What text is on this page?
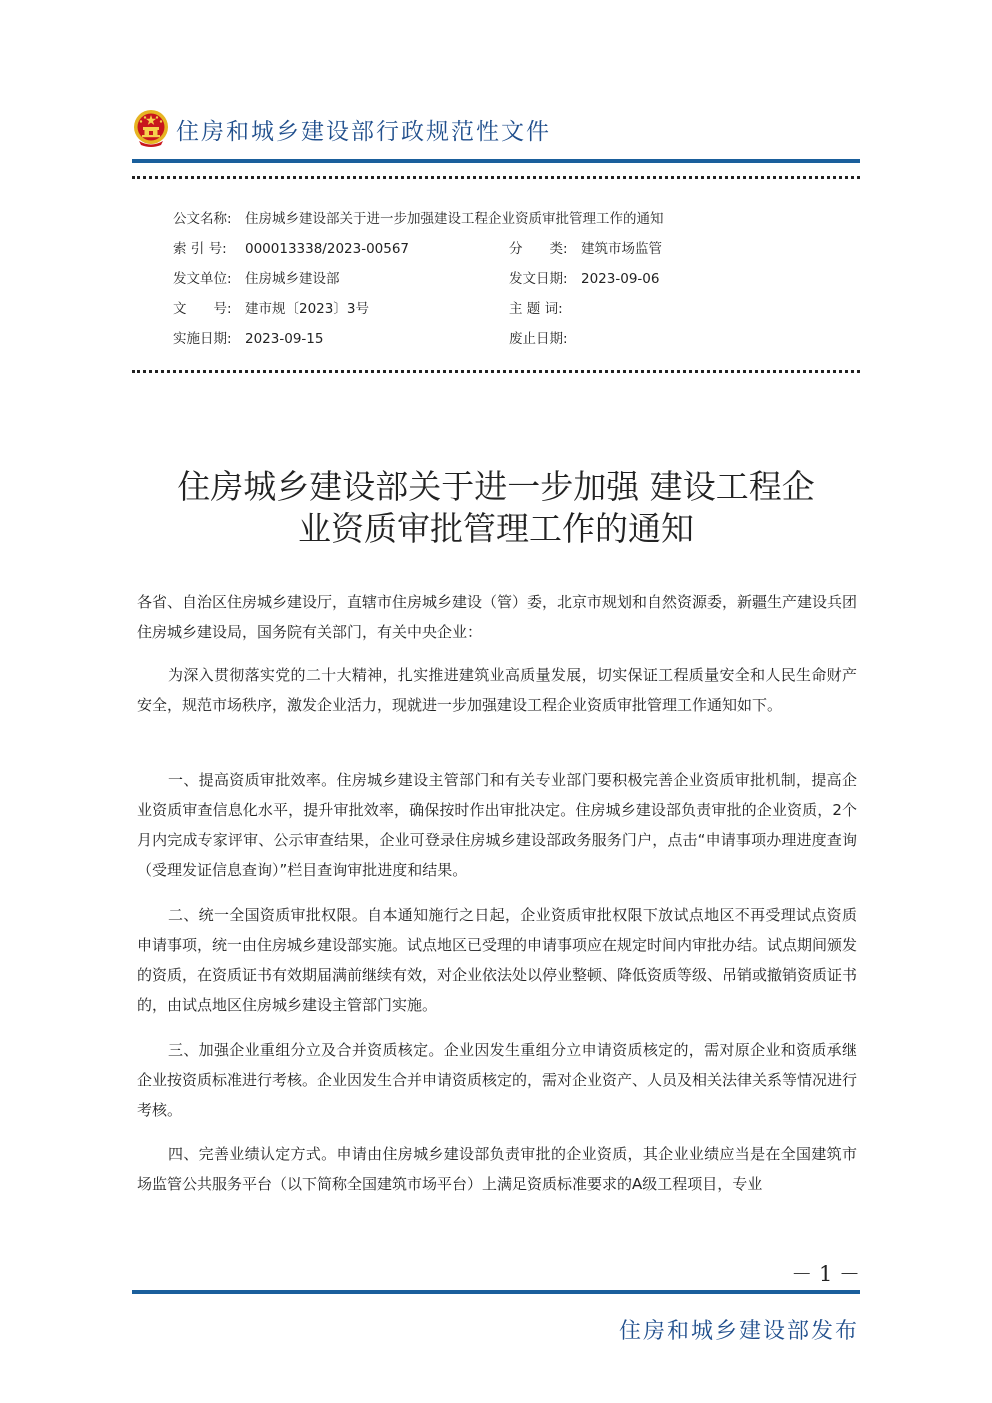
住房和城乡建设部行政规范性文件
公文名称: 住房城乡建设部关于进一步加强建设工程企业资质审批管理工作的通知
索 引 号: 000013338/2023-00567	分　　类: 建筑市场监管
发文单位: 住房城乡建设部	发文日期: 2023-09-06
文　　号: 建市规〔2023〕3号	主 题 词:
实施日期: 2023-09-15	废止日期:
住房城乡建设部关于进一步加强 建设工程企
业资质审批管理工作的通知
各省、自治区住房城乡建设厅，直辖市住房城乡建设（管）委，北京市规划和自然资源委，新疆生产建设兵团住房城乡建设局，国务院有关部门，有关中央企业：
为深入贯彻落实党的二十大精神，扎实推进建筑业高质量发展，切实保证工程质量安全和人民生命财产安全，规范市场秩序，激发企业活力，现就进一步加强建设工程企业资质审批管理工作通知如下。
一、提高资质审批效率。住房城乡建设主管部门和有关专业部门要积极完善企业资质审批机制，提高企业资质审查信息化水平，提升审批效率，确保按时作出审批决定。住房城乡建设部负责审批的企业资质，2个月内完成专家评审、公示审查结果，企业可登录住房城乡建设部政务服务门户，点击“申请事项办理进度查询（受理发证信息查询）”栏目查询审批进度和结果。
二、统一全国资质审批权限。自本通知施行之日起，企业资质审批权限下放试点地区不再受理试点资质申请事项，统一由住房城乡建设部实施。试点地区已受理的申请事项应在规定时间内审批办结。试点期间颁发的资质，在资质证书有效期届满前继续有效，对企业依法处以停业整顿、降低资质等级、吊销或撤销资质证书的，由试点地区住房城乡建设主管部门实施。
三、加强企业重组分立及合并资质核定。企业因发生重组分立申请资质核定的，需对原企业和资质承继企业按资质标准进行考核。企业因发生合并申请资质核定的，需对企业资产、人员及相关法律关系等情况进行考核。
四、完善业绩认定方式。申请由住房城乡建设部负责审批的企业资质，其企业业绩应当是在全国建筑市场监管公共服务平台（以下简称全国建筑市场平台）上满足资质标准要求的A级工程项目，专业
－ 1 －
住房和城乡建设部发布
